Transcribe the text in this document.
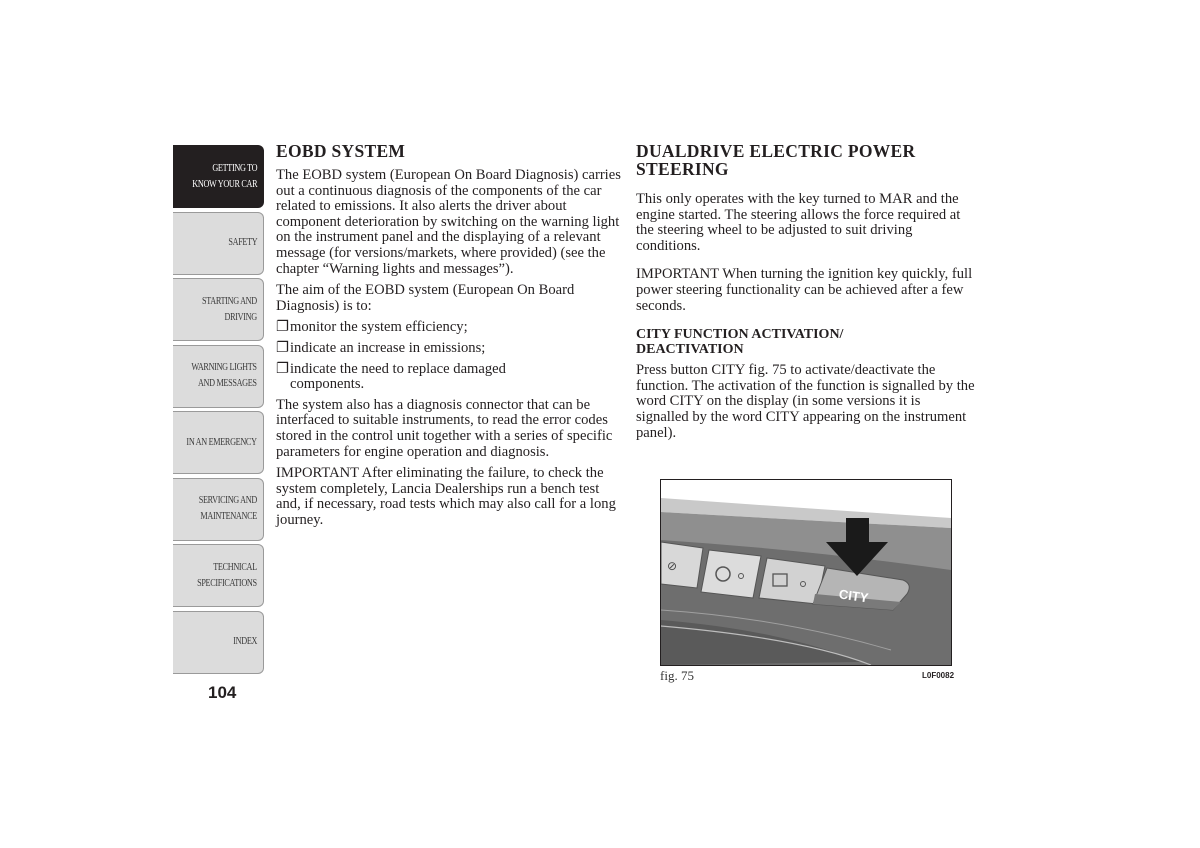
GETTING TO
KNOW YOUR CAR
SAFETY
STARTING AND
DRIVING
WARNING LIGHTS
AND MESSAGES
IN AN EMERGENCY
SERVICING AND
MAINTENANCE
TECHNICAL
SPECIFICATIONS
INDEX
104
EOBD SYSTEM

The EOBD system (European On Board Diagnosis) carries out a continuous diagnosis of the components of the car related to emissions. It also alerts the driver about component deterioration by switching on the warning light on the instrument panel and the displaying of a relevant message (for versions/markets, where provided) (see the chapter “Warning lights and messages”).

The aim of the EOBD system (European On Board Diagnosis) is to:

❐ monitor the system efficiency;
❐ indicate an increase in emissions;
❐ indicate the need to replace damaged components.

The system also has a diagnosis connector that can be interfaced to suitable instruments, to read the error codes stored in the control unit together with a series of specific parameters for engine operation and diagnosis.

IMPORTANT After eliminating the failure, to check the system completely, Lancia Dealerships run a bench test and, if necessary, road tests which may also call for a long journey.

DUALDRIVE ELECTRIC POWER STEERING

This only operates with the key turned to MAR and the engine started. The steering allows the force required at the steering wheel to be adjusted to suit driving conditions.

IMPORTANT When turning the ignition key quickly, full power steering functionality can be achieved after a few seconds.

CITY FUNCTION ACTIVATION/ DEACTIVATION

Press button CITY fig. 75 to activate/deactivate the function. The activation of the function is signalled by the word CITY on the display (in some versions it is signalled by the word CITY appearing on the instrument panel).

⊘
CITY
fig. 75	L0F0082
